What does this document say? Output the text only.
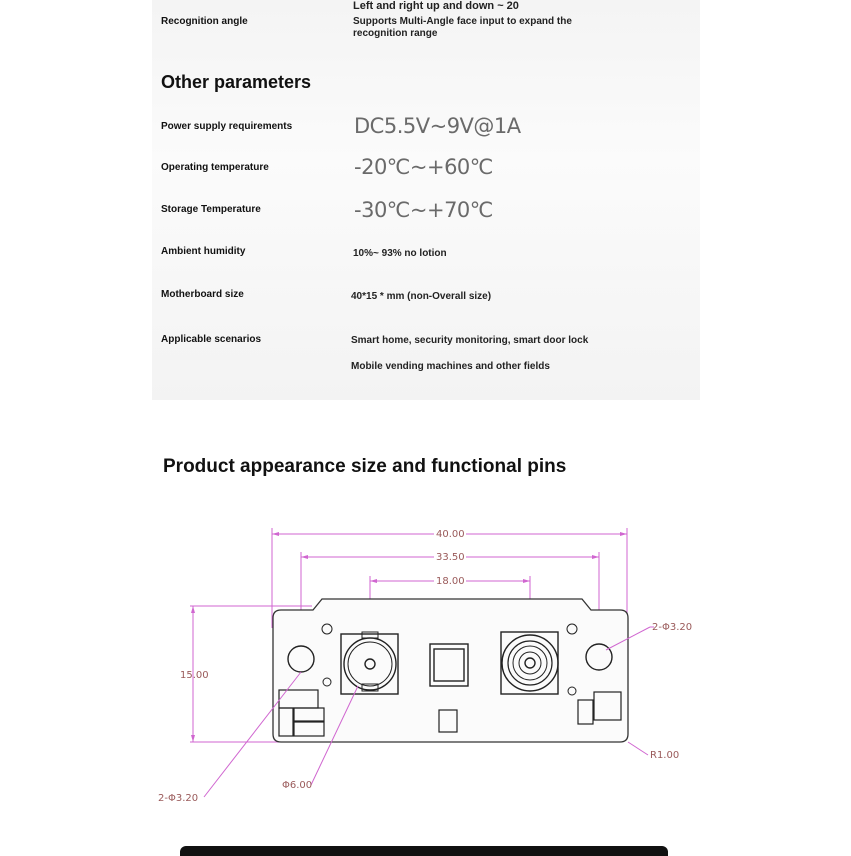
Recognition angle
Left and right up and down ~ 20
Supports Multi-Angle face input to expand the
recognition range
Other parameters
Power supply requirements	DC5.5V~9V@1A
Operating temperature	-20℃~+60℃
Storage Temperature	-30℃~+70℃
Ambient humidity	10%~ 93% no lotion
Motherboard size	40*15 * mm (non-Overall size)
Applicable scenarios	Smart home, security monitoring, smart door lock
Mobile vending machines and other fields
Product appearance size and functional pins
40.00
33.50
18.00
15.00
2-Φ3.20
2-Φ3.20
Φ6.00
R1.00
